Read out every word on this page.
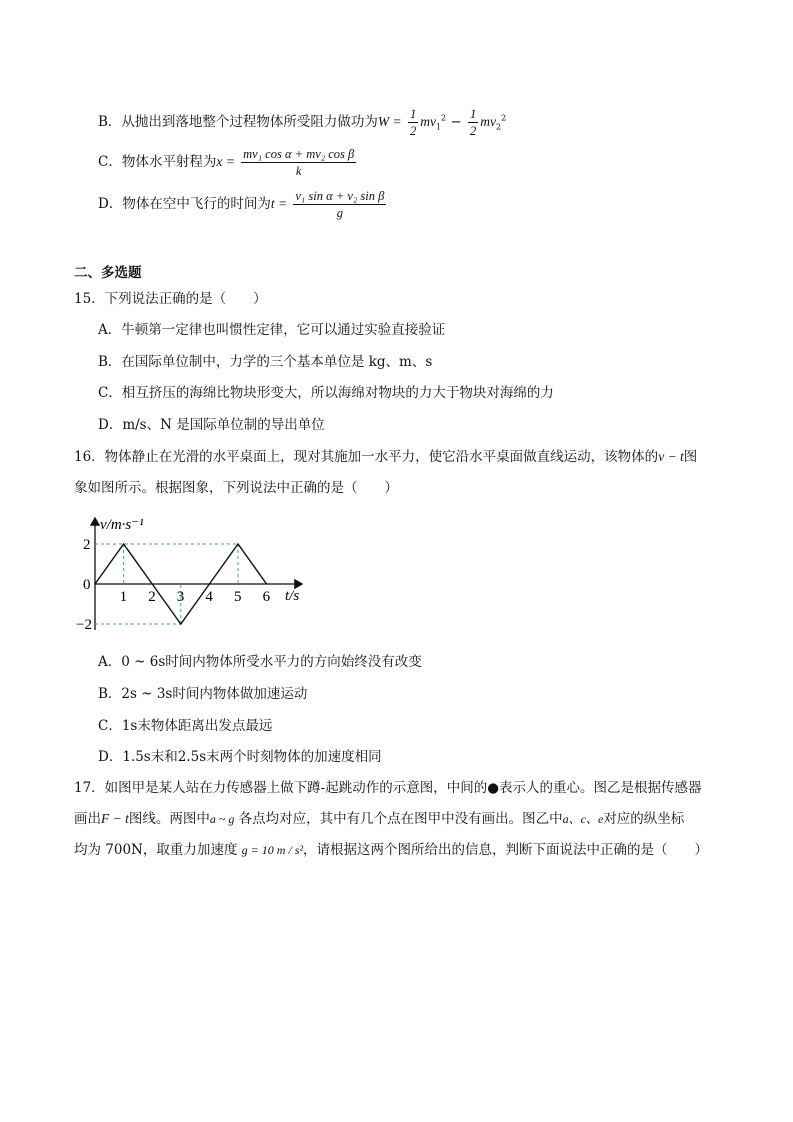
B．从抛出到落地整个过程物体所受阻力做功为$W = \frac{1}{2} mv_1^2 - \frac{1}{2} mv_2^2$
C．物体水平射程为$x = \frac{\text{mv₁ cos α + mv₂ cos β}}{k}$
D．物体在空中飞行的时间为$t = \frac{\text{v₁ sin α + v₂ sin β}}{g}$
二、多选题
15．下列说法正确的是（　　）
A．牛顿第一定律也叫惯性定律，它可以通过实验直接验证
B．在国际单位制中，力学的三个基本单位是 kg、m、s
C．相互挤压的海绵比物块形变大，所以海绵对物块的力大于物块对海绵的力
D．m/s、N 是国际单位制的导出单位
16．物体静止在光滑的水平桌面上，现对其施加一水平力，使它沿水平桌面做直线运动，该物体的v − t图
象如图所示。根据图象，下列说法中正确的是（　　）
v/m·s⁻¹
t/s
0
1 2 3 4 5 6
2
−2
A．0 ~ 6s时间内物体所受水平力的方向始终没有改变
B．2s ~ 3s时间内物体做加速运动
C．1s末物体距离出发点最远
D．1.5s末和2.5s末两个时刻物体的加速度相同
17．如图甲是某人站在力传感器上做下蹲-起跳动作的示意图，中间的●表示人的重心。图乙是根据传感器
画出F − t图线。两图中a ~ g 各点均对应，其中有几个点在图甲中没有画出。图乙中a、c、e对应的纵坐标
均为 700N，取重力加速度 g = 10 m / s²，请根据这两个图所给出的信息，判断下面说法中正确的是（　　）
